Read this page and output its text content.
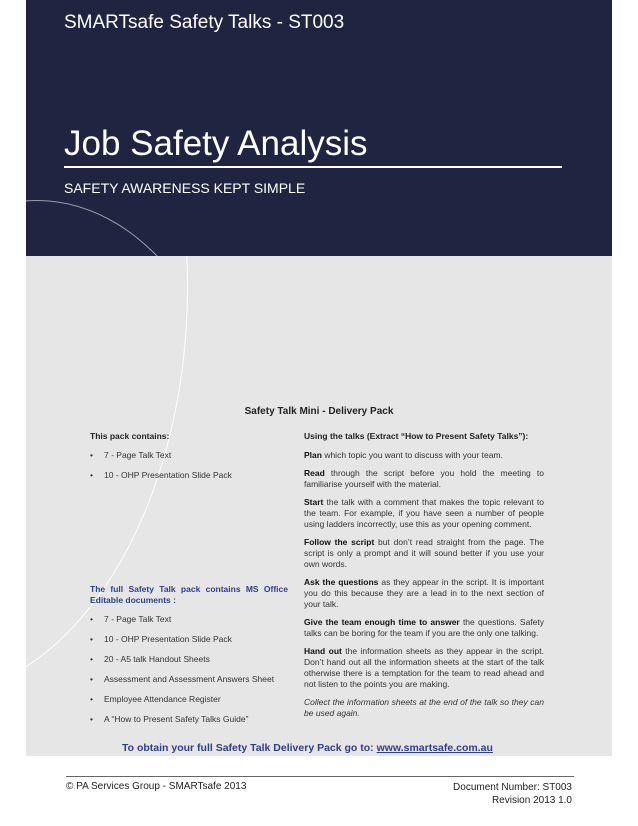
SMARTsafe Safety Talks - ST003
Job Safety Analysis
SAFETY AWARENESS KEPT SIMPLE
Safety Talk Mini - Delivery Pack
This pack contains:
• 7 - Page Talk Text
• 10 - OHP Presentation Slide Pack
The full Safety Talk pack contains MS Office Editable documents :
• 7 - Page Talk Text
• 10 - OHP Presentation Slide Pack
• 20 - A5 talk Handout Sheets
• Assessment and Assessment Answers Sheet
• Employee Attendance Register
• A “How to Present Safety Talks Guide”
Using the talks (Extract “How to Present Safety Talks”):

Plan which topic you want to discuss with your team.

Read through the script before you hold the meeting to familiarise yourself with the material.

Start the talk with a comment that makes the topic relevant to the team. For example, if you have seen a number of people using ladders incorrectly, use this as your opening comment.

Follow the script but don’t read straight from the page. The script is only a prompt and it will sound better if you use your own words.

Ask the questions as they appear in the script. It is important you do this because they are a lead in to the next section of your talk.

Give the team enough time to answer the questions. Safety talks can be boring for the team if you are the only one talking.

Hand out the information sheets as they appear in the script. Don’t hand out all the information sheets at the start of the talk otherwise there is a temptation for the team to read ahead and not listen to the points you are making.

Collect the information sheets at the end of the talk so they can be used again.

To obtain your full Safety Talk Delivery Pack go to: www.smartsafe.com.au
© PA Services Group - SMARTsafe 2013	Document Number: ST003
Revision 2013 1.0
